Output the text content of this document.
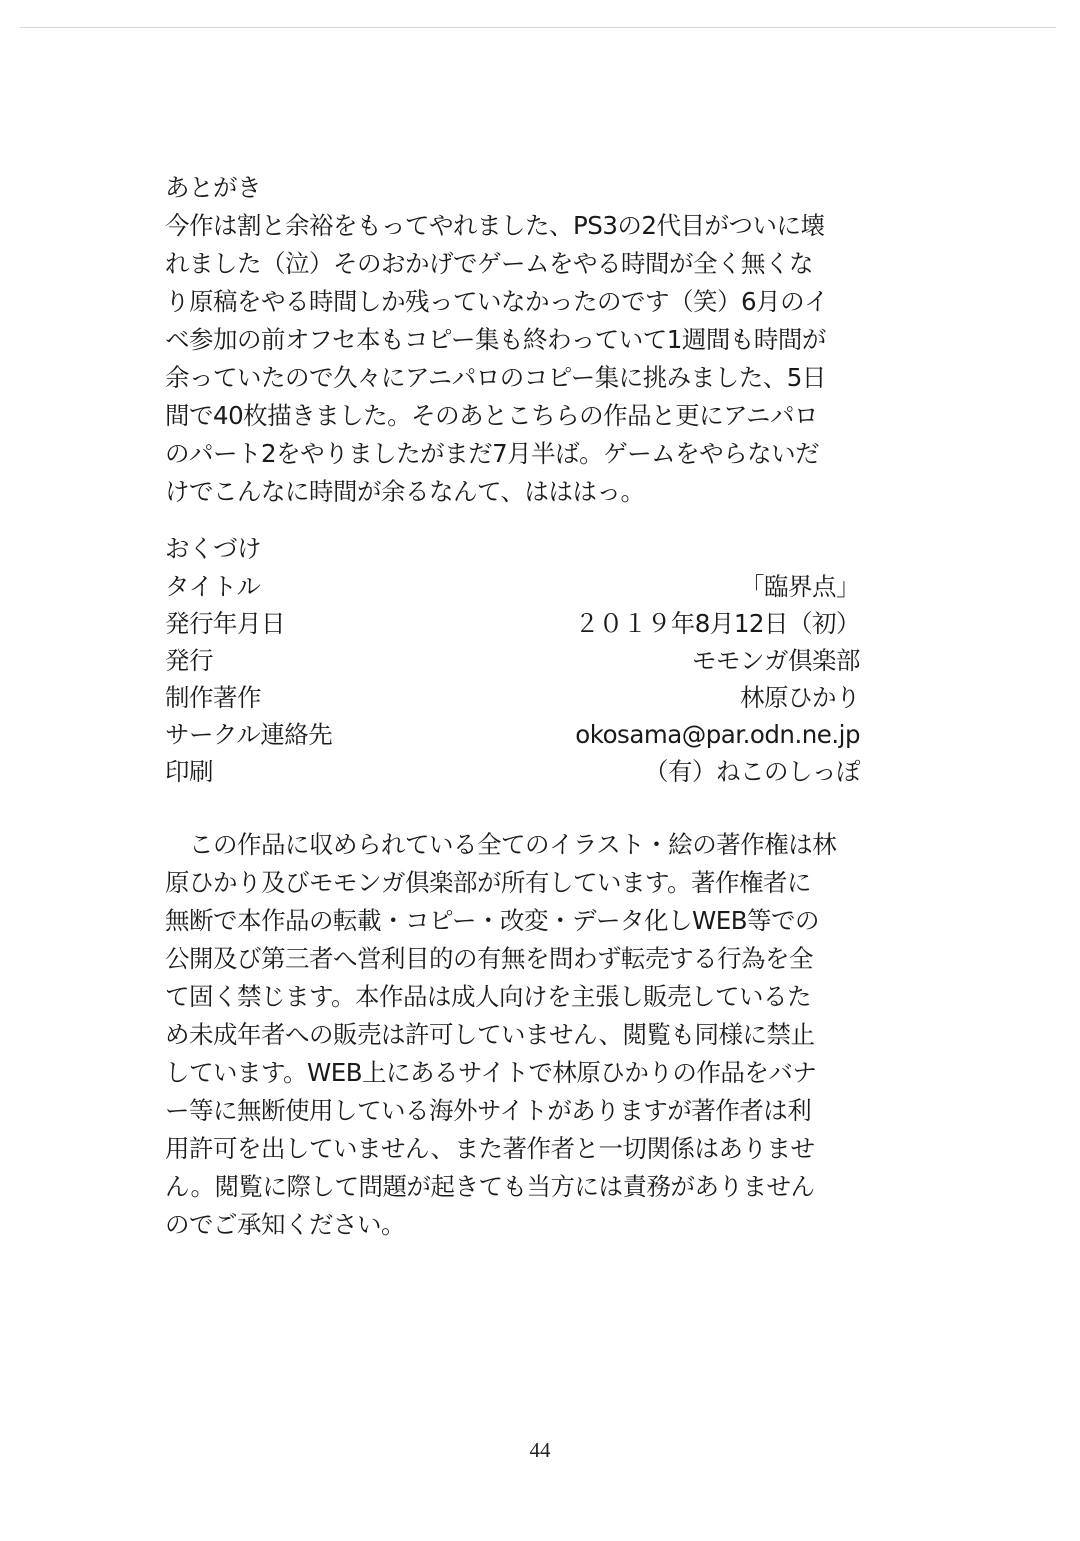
あとがき
今作は割と余裕をもってやれました、PS3の2代目がついに壊
れました（泣）そのおかげでゲームをやる時間が全く無くな
り原稿をやる時間しか残っていなかったのです（笑）6月のイ
ベ参加の前オフセ本もコピー集も終わっていて1週間も時間が
余っていたので久々にアニパロのコピー集に挑みました、5日
間で40枚描きました。そのあとこちらの作品と更にアニパロ
のパート2をやりましたがまだ7月半ば。ゲームをやらないだ
けでこんなに時間が余るなんて、はははっ。
おくづけ
タイトル	「臨界点」
発行年月日	２０１９年8月12日（初）
発行	モモンガ倶楽部
制作著作	林原ひかり
サークル連絡先	okosama@par.odn.ne.jp
印刷	（有）ねこのしっぽ
　この作品に収められている全てのイラスト・絵の著作権は林
原ひかり及びモモンガ倶楽部が所有しています。著作権者に
無断で本作品の転載・コピー・改変・データ化しWEB等での
公開及び第三者へ営利目的の有無を問わず転売する行為を全
て固く禁じます。本作品は成人向けを主張し販売しているた
め未成年者への販売は許可していません、閲覧も同様に禁止
しています。WEB上にあるサイトで林原ひかりの作品をバナ
ー等に無断使用している海外サイトがありますが著作者は利
用許可を出していません、また著作者と一切関係はありませ
ん。閲覧に際して問題が起きても当方には責務がありません
のでご承知ください。
44
